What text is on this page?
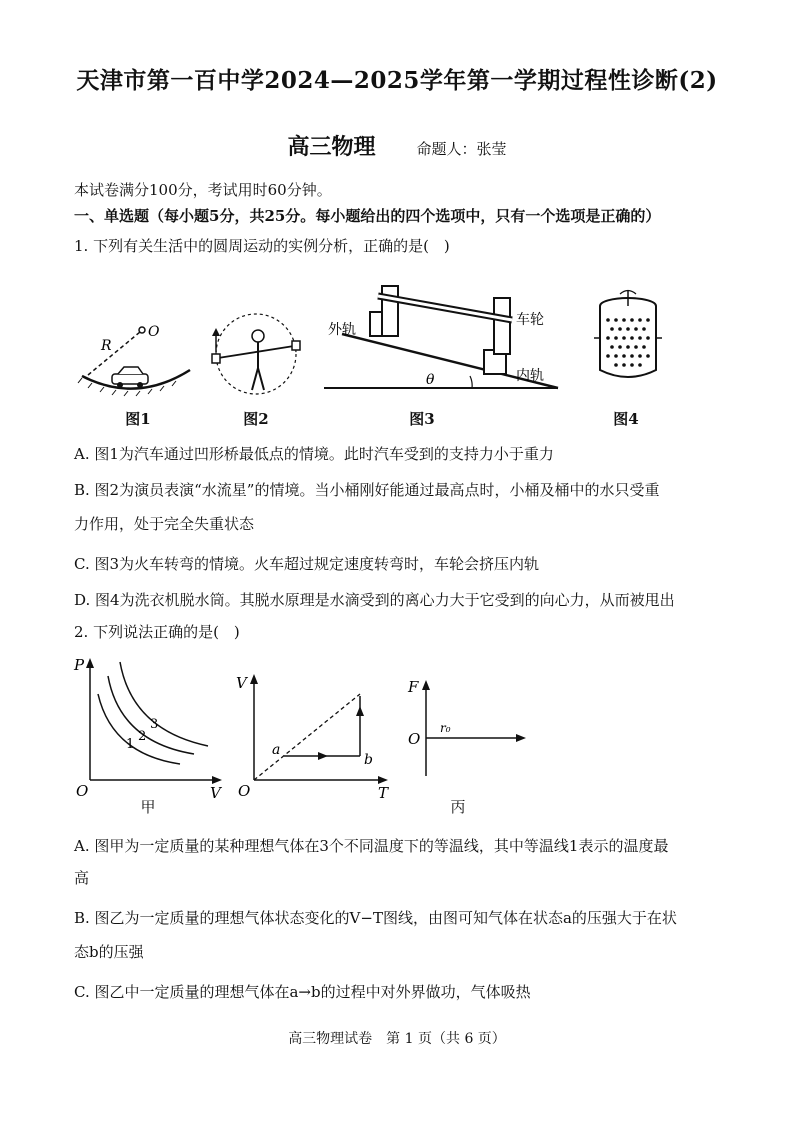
天津市第一百中学2024—2025学年第一学期过程性诊断(2)
高三物理	命题人：张莹
本试卷满分100分，考试用时60分钟。
一、单选题（每小题5分，共25分。每小题给出的四个选项中，只有一个选项是正确的）
1. 下列有关生活中的圆周运动的实例分析，正确的是(　)
R
O
图1	图2
θ
外轨
车轮
内轨
图3	图4
A. 图1为汽车通过凹形桥最低点的情境。此时汽车受到的支持力小于重力
B. 图2为演员表演“水流星”的情境。当小桶刚好能通过最高点时，小桶及桶中的水只受重
力作用，处于完全失重状态
C. 图3为火车转弯的情境。火车超过规定速度转弯时，车轮会挤压内轨
D. 图4为洗衣机脱水筒。其脱水原理是水滴受到的离心力大于它受到的向心力，从而被甩出
2. 下列说法正确的是(　)
P
V
O
1
2
3
甲
V
T
O
a
b
F
O
r₀
丙
A. 图甲为一定质量的某种理想气体在3个不同温度下的等温线，其中等温线1表示的温度最
高
B. 图乙为一定质量的理想气体状态变化的V−T图线，由图可知气体在状态a的压强大于在状
态b的压强
C. 图乙中一定质量的理想气体在a→b的过程中对外界做功，气体吸热
高三物理试卷　第 1 页（共 6 页）
